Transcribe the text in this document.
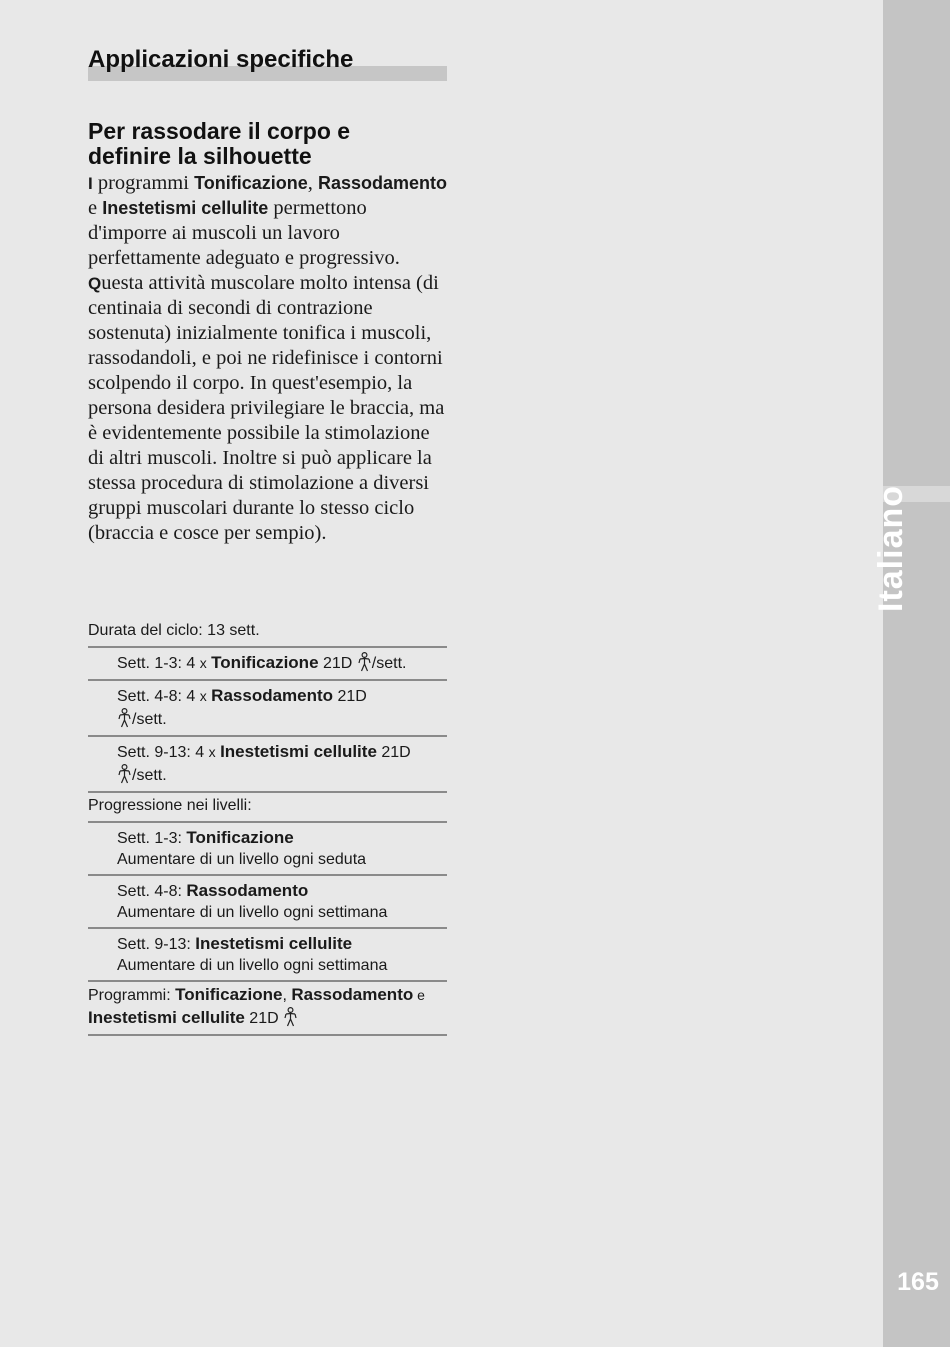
Italiano
165
Applicazioni specifiche
Per rassodare il corpo e definire la silhouette

I programmi Tonificazione, Rassodamento e Inestetismi cellulite permettono d'imporre ai muscoli un lavoro perfettamente adeguato e progressivo.

Questa attività muscolare molto intensa (di centinaia di secondi di contrazione sostenuta) inizialmente tonifica i muscoli, rassodandoli, e poi ne ridefinisce i contorni scolpendo il corpo. In quest'esempio, la persona desidera privilegiare le braccia, ma è evidentemente possibile la stimolazione di altri muscoli. Inoltre si può applicare la stessa procedura di stimolazione a diversi gruppi muscolari durante lo stesso ciclo (braccia e cosce per sempio).

Durata del ciclo: 13 sett.
Sett. 1-3: 4 x Tonificazione 21D /sett.
Sett. 4-8: 4 x Rassodamento 21D
/sett.
Sett. 9-13: 4 x Inestetismi cellulite 21D
/sett.
Progressione nei livelli:
Sett. 1-3: Tonificazione
Aumentare di un livello ogni seduta
Sett. 4-8: Rassodamento
Aumentare di un livello ogni settimana
Sett. 9-13: Inestetismi cellulite
Aumentare di un livello ogni settimana
Programmi: Tonificazione, Rassodamento e
Inestetismi cellulite 21D
